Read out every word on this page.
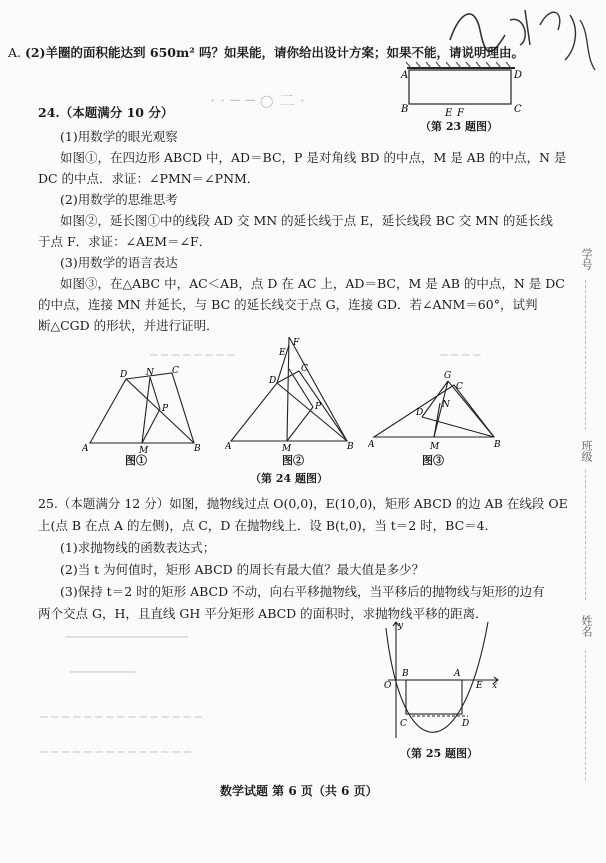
A. (2)羊圈的面积能达到 650m² 吗？如果能，请你给出设计方案；如果不能，请说明理由。
A	D
B	C
E F
（第 23 题图）
· · ─ ─ ○ 二 ·
24.（本题满分 10 分）
(1)用数学的眼光观察
如图①，在四边形 ABCD 中，AD＝BC，P 是对角线 BD 的中点，M 是 AB 的中点，N 是
DC 的中点．求证：∠PMN＝∠PNM．
(2)用数学的思维思考
如图②，延长图①中的线段 AD 交 MN 的延长线于点 E，延长线段 BC 交 MN 的延长线
于点 F．求证：∠AEM＝∠F．
(3)用数学的语言表达
如图③，在△ABC 中，AC＜AB，点 D 在 AC 上，AD＝BC，M 是 AB 的中点，N 是 DC
的中点，连接 MN 并延长，与 BC 的延长线交于点 G，连接 GD．若∠ANM＝60°，试判
断△CGD 的形状，并进行证明．
─ ─ ─ ─ ─ ─ ─ ─	─ ─ ─ ─
A
D N C
P
M	B
图①
F
E
D
C
P
A	M	B
图②
G
C
D
N
A	M	B
图③
（第 24 题图）
25.（本题满分 12 分）如图，抛物线过点 O(0,0)，E(10,0)，矩形 ABCD 的边 AB 在线段 OE
上(点 B 在点 A 的左侧)，点 C，D 在抛物线上．设 B(t,0)，当 t＝2 时，BC＝4．
(1)求抛物线的函数表达式；
(2)当 t 为何值时，矩形 ABCD 的周长有最大值？最大值是多少？
(3)保持 t＝2 时的矩形 ABCD 不动，向右平移抛物线，当平移后的抛物线与矩形的边有
两个交点 G，H，且直线 GH 平分矩形 ABCD 的面积时，求抛物线平移的距离．
─────────────────
─────────
─ ─ ─ ─ ─ ─ ─ ─ ─ ─ ─ ─ ─ ─ ─
─ ─ ─ ─ ─ ─ ─ ─ ─ ─ ─ ─ ─ ─
y
O
B	A
E x
C	D
（第 25 题图）
数学试题 第 6 页（共 6 页）
学号
班级
姓名
